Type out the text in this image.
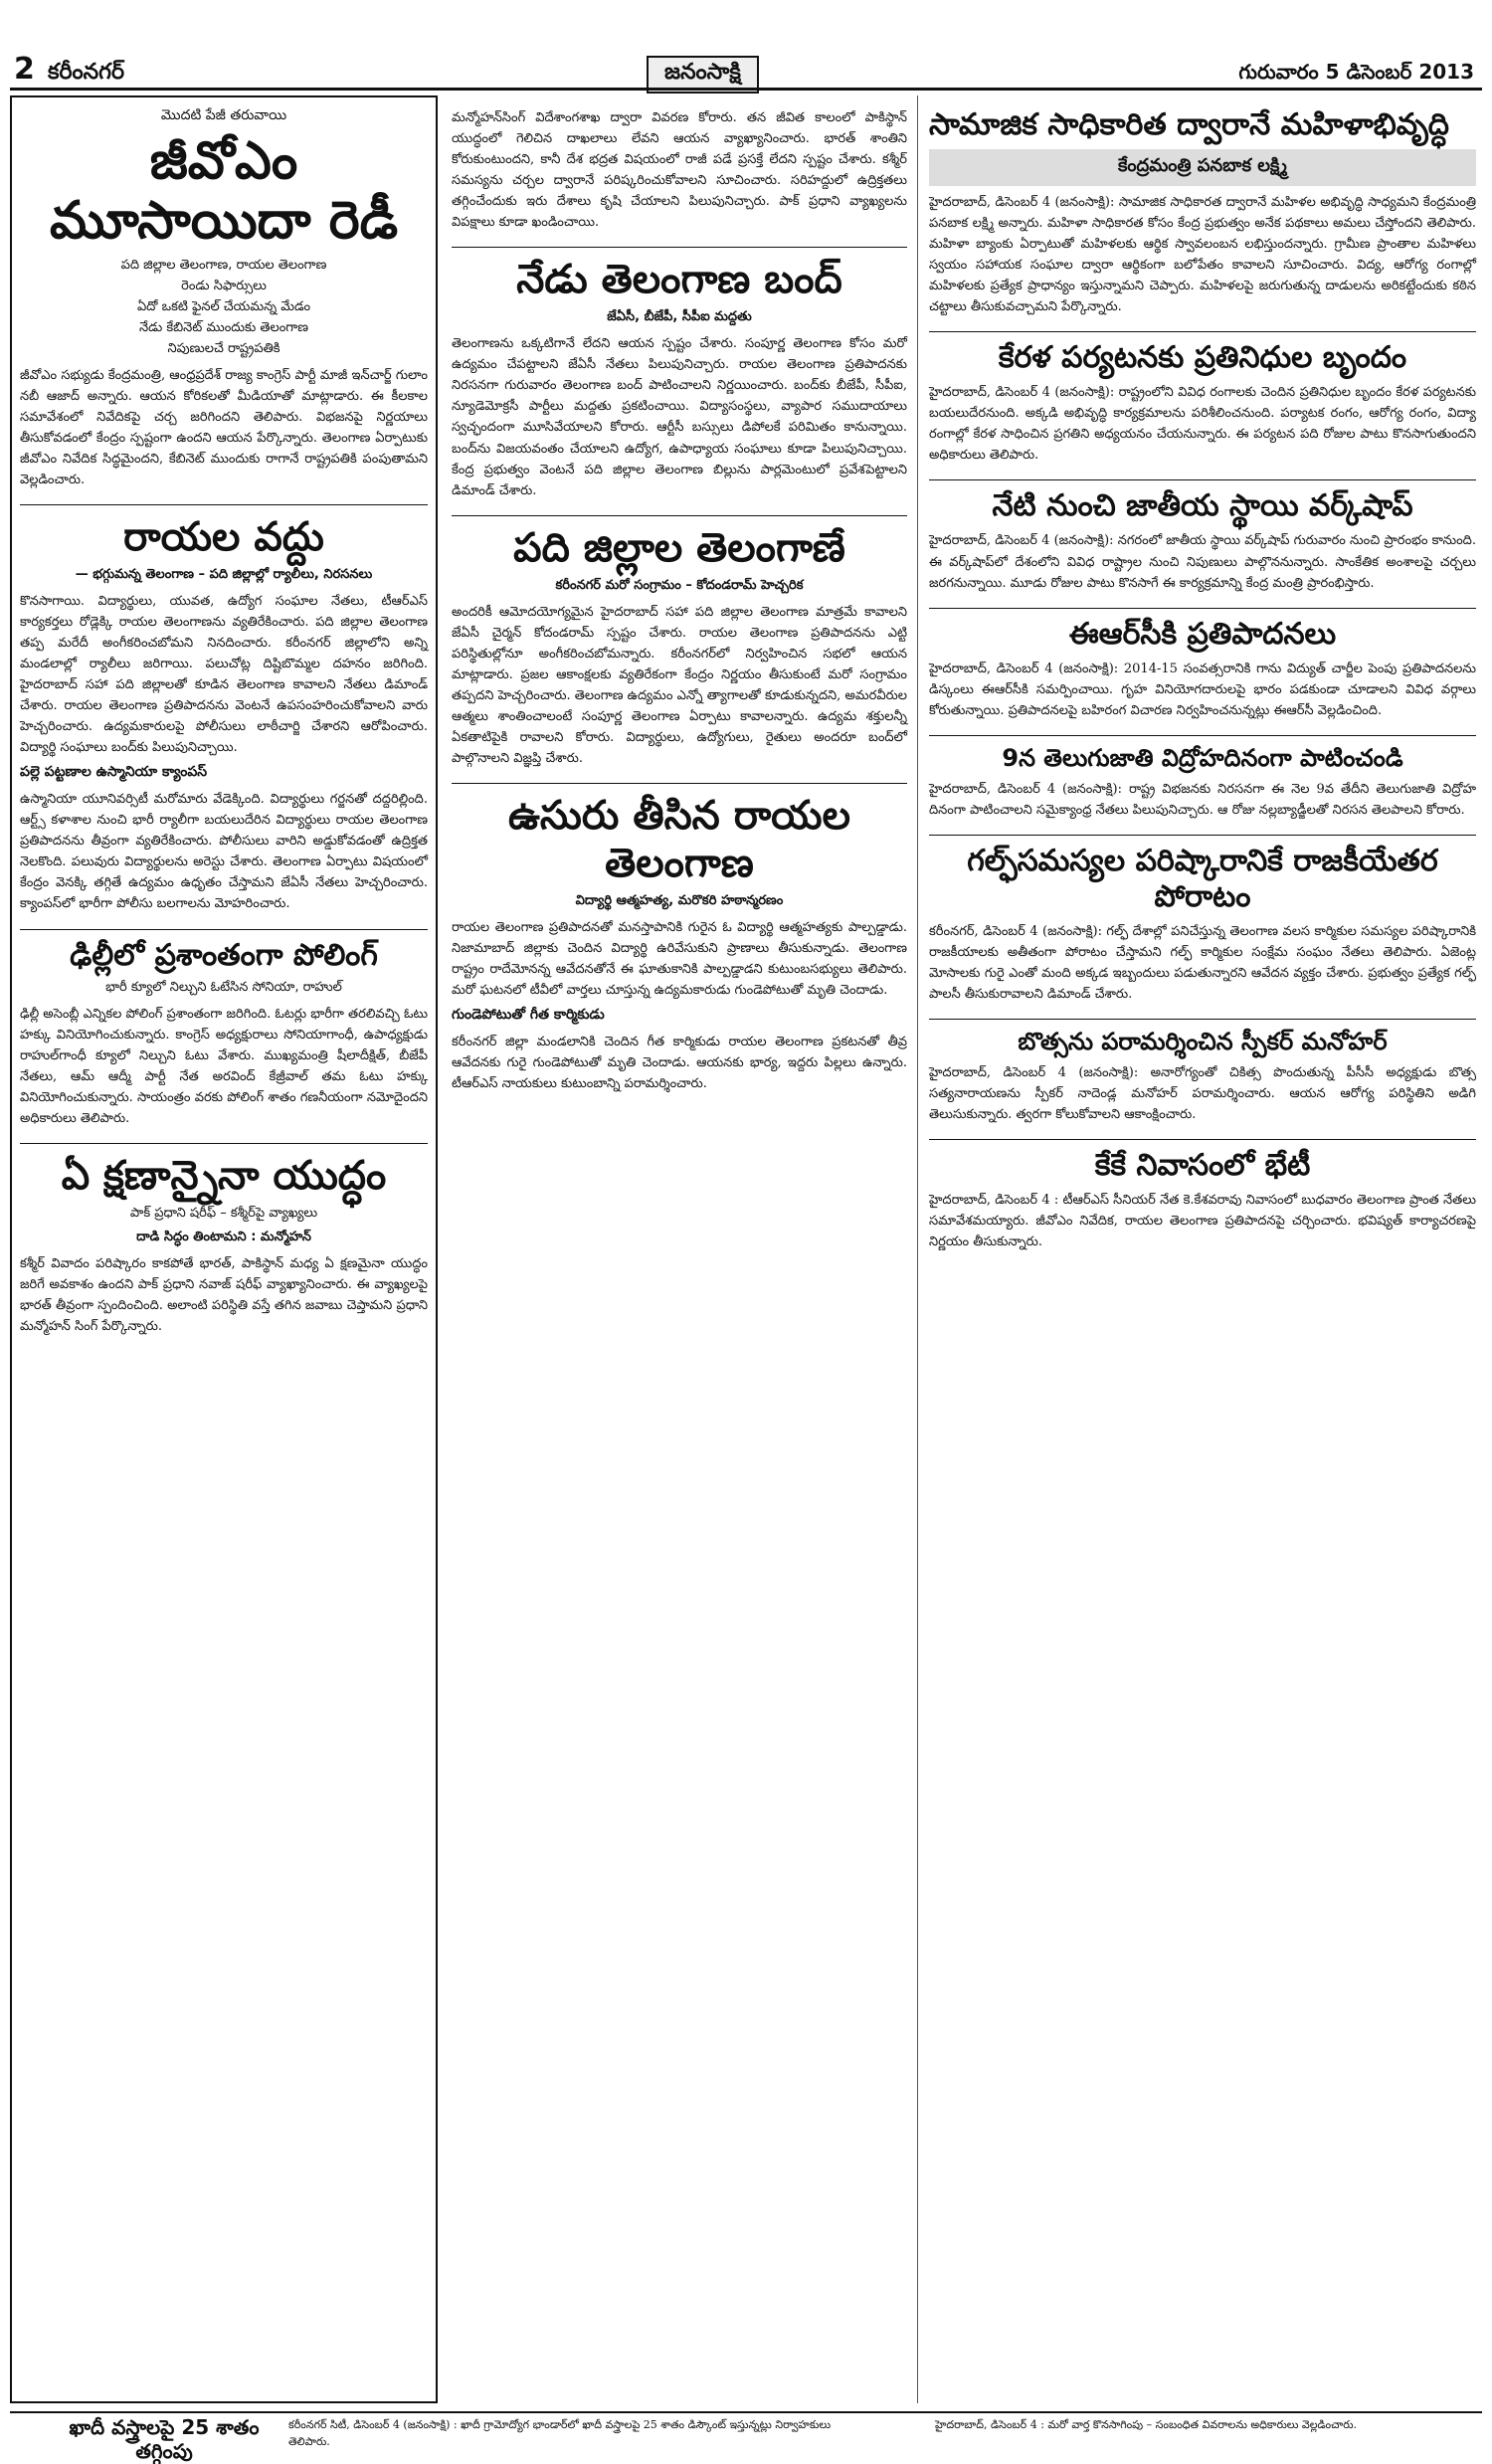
2 కరీంనగర్	జనంసాక్షి	గురువారం 5 డిసెంబర్ 2013
మొదటి పేజీ తరువాయి
జీవోఎం మూసాయిదా రెడీ
పది జిల్లాల తెలంగాణ, రాయల తెలంగాణ
రెండు సిఫార్సులు
ఏదో ఒకటి ఫైనల్ చేయమన్న మేడం
నేడు కేబినెట్ ముందుకు తెలంగాణ
నిపుణులచే రాష్ట్రపతికి

జీవోఎం సభ్యుడు కేంద్రమంత్రి, ఆంధ్రప్రదేశ్ రాజ్య కాంగ్రెస్ పార్టీ మాజీ ఇన్‌చార్జ్ గులాం నబీ ఆజాద్ అన్నారు. ఆయన కోరికలతో మీడియాతో మాట్లాడారు. ఈ కీలకాల సమావేశంలో నివేదికపై చర్చ జరిగిందని తెలిపారు. విభజనపై నిర్ణయాలు తీసుకోవడంలో కేంద్రం స్పష్టంగా ఉందని ఆయన పేర్కొన్నారు. తెలంగాణ ఏర్పాటుకు జీవోఎం నివేదిక సిద్ధమైందని, కేబినెట్ ముందుకు రాగానే రాష్ట్రపతికి పంపుతామని వెల్లడించారు.

రాయల వద్దు
— భగ్గుమన్న తెలంగాణ – పది జిల్లాల్లో ర్యాలీలు, నిరసనలు

కొనసాగాయి. విద్యార్థులు, యువత, ఉద్యోగ సంఘాల నేతలు, టీఆర్‌ఎస్ కార్యకర్తలు రోడ్లెక్కి రాయల తెలంగాణను వ్యతిరేకించారు. పది జిల్లాల తెలంగాణ తప్ప మరేదీ అంగీకరించబోమని నినదించారు. కరీంనగర్ జిల్లాలోని అన్ని మండలాల్లో ర్యాలీలు జరిగాయి. పలుచోట్ల దిష్టిబొమ్మల దహనం జరిగింది. హైదరాబాద్ సహా పది జిల్లాలతో కూడిన తెలంగాణ కావాలని నేతలు డిమాండ్ చేశారు. రాయల తెలంగాణ ప్రతిపాదనను వెంటనే ఉపసంహరించుకోవాలని వారు హెచ్చరించారు. ఉద్యమకారులపై పోలీసులు లాఠీచార్జి చేశారని ఆరోపించారు. విద్యార్థి సంఘాలు బంద్‌కు పిలుపునిచ్చాయి.

పల్లె పట్టణాల ఉస్మానియా క్యాంపస్

ఉస్మానియా యూనివర్సిటీ మరోమారు వేడెక్కింది. విద్యార్థులు గర్జనతో దద్దరిల్లింది. ఆర్ట్స్ కళాశాల నుంచి భారీ ర్యాలీగా బయలుదేరిన విద్యార్థులు రాయల తెలంగాణ ప్రతిపాదనను తీవ్రంగా వ్యతిరేకించారు. పోలీసులు వారిని అడ్డుకోవడంతో ఉద్రిక్తత నెలకొంది. పలువురు విద్యార్థులను అరెస్టు చేశారు. తెలంగాణ ఏర్పాటు విషయంలో కేంద్రం వెనక్కి తగ్గితే ఉద్యమం ఉధృతం చేస్తామని జేఏసీ నేతలు హెచ్చరించారు. క్యాంపస్‌లో భారీగా పోలీసు బలగాలను మోహరించారు.

ఢిల్లీలో ప్రశాంతంగా పోలింగ్
భారీ క్యూలో నిల్చుని ఓటేసిన సోనియా, రాహుల్

ఢిల్లీ అసెంబ్లీ ఎన్నికల పోలింగ్ ప్రశాంతంగా జరిగింది. ఓటర్లు భారీగా తరలివచ్చి ఓటు హక్కు వినియోగించుకున్నారు. కాంగ్రెస్ అధ్యక్షురాలు సోనియాగాంధీ, ఉపాధ్యక్షుడు రాహుల్‌గాంధీ క్యూలో నిల్చుని ఓటు వేశారు. ముఖ్యమంత్రి షీలాదీక్షిత్, బీజేపీ నేతలు, ఆమ్ ఆద్మీ పార్టీ నేత అరవింద్ కేజ్రీవాల్ తమ ఓటు హక్కు వినియోగించుకున్నారు. సాయంత్రం వరకు పోలింగ్ శాతం గణనీయంగా నమోదైందని అధికారులు తెలిపారు.

ఏ క్షణాన్నైనా యుద్ధం
పాక్ ప్రధాని షరీఫ్ – కశ్మీర్‌పై వ్యాఖ్యలు
దాడి సిద్ధం తింటామని : మన్మోహన్

కశ్మీర్ వివాదం పరిష్కారం కాకపోతే భారత్, పాకిస్థాన్ మధ్య ఏ క్షణమైనా యుద్ధం జరిగే అవకాశం ఉందని పాక్ ప్రధాని నవాజ్ షరీఫ్ వ్యాఖ్యానించారు. ఈ వ్యాఖ్యలపై భారత్ తీవ్రంగా స్పందించింది. అలాంటి పరిస్థితి వస్తే తగిన జవాబు చెప్తామని ప్రధాని మన్మోహన్ సింగ్ పేర్కొన్నారు.

మన్మోహన్‌సింగ్ విదేశాంగశాఖ ద్వారా వివరణ కోరారు. తన జీవిత కాలంలో పాకిస్థాన్ యుద్ధంలో గెలిచిన దాఖలాలు లేవని ఆయన వ్యాఖ్యానించారు. భారత్ శాంతిని కోరుకుంటుందని, కానీ దేశ భద్రత విషయంలో రాజీ పడే ప్రసక్తే లేదని స్పష్టం చేశారు. కశ్మీర్ సమస్యను చర్చల ద్వారానే పరిష్కరించుకోవాలని సూచించారు. సరిహద్దులో ఉద్రిక్తతలు తగ్గించేందుకు ఇరు దేశాలు కృషి చేయాలని పిలుపునిచ్చారు. పాక్ ప్రధాని వ్యాఖ్యలను విపక్షాలు కూడా ఖండించాయి.

నేడు తెలంగాణ బంద్
జేఏసీ, బీజేపీ, సీపీఐ మద్దతు

తెలంగాణను ఒక్కటిగానే లేదని ఆయన స్పష్టం చేశారు. సంపూర్ణ తెలంగాణ కోసం మరో ఉద్యమం చేపట్టాలని జేఏసీ నేతలు పిలుపునిచ్చారు. రాయల తెలంగాణ ప్రతిపాదనకు నిరసనగా గురువారం తెలంగాణ బంద్ పాటించాలని నిర్ణయించారు. బంద్‌కు బీజేపీ, సీపీఐ, న్యూడెమోక్రసీ పార్టీలు మద్దతు ప్రకటించాయి. విద్యాసంస్థలు, వ్యాపార సముదాయాలు స్వచ్ఛందంగా మూసివేయాలని కోరారు. ఆర్టీసీ బస్సులు డిపోలకే పరిమితం కానున్నాయి. బంద్‌ను విజయవంతం చేయాలని ఉద్యోగ, ఉపాధ్యాయ సంఘాలు కూడా పిలుపునిచ్చాయి. కేంద్ర ప్రభుత్వం వెంటనే పది జిల్లాల తెలంగాణ బిల్లును పార్లమెంటులో ప్రవేశపెట్టాలని డిమాండ్ చేశారు.

పది జిల్లాల తెలంగాణే
కరీంనగర్ మరో సంగ్రామం – కోదండరామ్ హెచ్చరిక

అందరికీ ఆమోదయోగ్యమైన హైదరాబాద్ సహా పది జిల్లాల తెలంగాణ మాత్రమే కావాలని జేఏసీ చైర్మన్ కోదండరామ్ స్పష్టం చేశారు. రాయల తెలంగాణ ప్రతిపాదనను ఎట్టి పరిస్థితుల్లోనూ అంగీకరించబోమన్నారు. కరీంనగర్‌లో నిర్వహించిన సభలో ఆయన మాట్లాడారు. ప్రజల ఆకాంక్షలకు వ్యతిరేకంగా కేంద్రం నిర్ణయం తీసుకుంటే మరో సంగ్రామం తప్పదని హెచ్చరించారు. తెలంగాణ ఉద్యమం ఎన్నో త్యాగాలతో కూడుకున్నదని, అమరవీరుల ఆత్మలు శాంతించాలంటే సంపూర్ణ తెలంగాణ ఏర్పాటు కావాలన్నారు. ఉద్యమ శక్తులన్నీ ఏకతాటిపైకి రావాలని కోరారు. విద్యార్థులు, ఉద్యోగులు, రైతులు అందరూ బంద్‌లో పాల్గొనాలని విజ్ఞప్తి చేశారు.

ఉసురు తీసిన రాయల తెలంగాణ
విద్యార్థి ఆత్మహత్య, మరొకరి హఠాన్మరణం

రాయల తెలంగాణ ప్రతిపాదనతో మనస్తాపానికి గురైన ఓ విద్యార్థి ఆత్మహత్యకు పాల్పడ్డాడు. నిజామాబాద్ జిల్లాకు చెందిన విద్యార్థి ఉరివేసుకుని ప్రాణాలు తీసుకున్నాడు. తెలంగాణ రాష్ట్రం రాదేమోనన్న ఆవేదనతోనే ఈ ఘాతుకానికి పాల్పడ్డాడని కుటుంబసభ్యులు తెలిపారు. మరో ఘటనలో టీవీలో వార్తలు చూస్తున్న ఉద్యమకారుడు గుండెపోటుతో మృతి చెందాడు.

గుండెపోటుతో గీత కార్మికుడు

కరీంనగర్ జిల్లా మండలానికి చెందిన గీత కార్మికుడు రాయల తెలంగాణ ప్రకటనతో తీవ్ర ఆవేదనకు గురై గుండెపోటుతో మృతి చెందాడు. ఆయనకు భార్య, ఇద్దరు పిల్లలు ఉన్నారు. టీఆర్‌ఎస్ నాయకులు కుటుంబాన్ని పరామర్శించారు.

సామాజిక సాధికారిత ద్వారానే మహిళాభివృద్ధి
కేంద్రమంత్రి పనబాక లక్ష్మి

హైదరాబాద్, డిసెంబర్ 4 (జనంసాక్షి): సామాజిక సాధికారత ద్వారానే మహిళల అభివృద్ధి సాధ్యమని కేంద్రమంత్రి పనబాక లక్ష్మి అన్నారు. మహిళా సాధికారత కోసం కేంద్ర ప్రభుత్వం అనేక పథకాలు అమలు చేస్తోందని తెలిపారు. మహిళా బ్యాంకు ఏర్పాటుతో మహిళలకు ఆర్థిక స్వావలంబన లభిస్తుందన్నారు. గ్రామీణ ప్రాంతాల మహిళలు స్వయం సహాయక సంఘాల ద్వారా ఆర్థికంగా బలోపేతం కావాలని సూచించారు. విద్య, ఆరోగ్య రంగాల్లో మహిళలకు ప్రత్యేక ప్రాధాన్యం ఇస్తున్నామని చెప్పారు. మహిళలపై జరుగుతున్న దాడులను అరికట్టేందుకు కఠిన చట్టాలు తీసుకువచ్చామని పేర్కొన్నారు.

కేరళ పర్యటనకు ప్రతినిధుల బృందం

హైదరాబాద్, డిసెంబర్ 4 (జనంసాక్షి): రాష్ట్రంలోని వివిధ రంగాలకు చెందిన ప్రతినిధుల బృందం కేరళ పర్యటనకు బయలుదేరనుంది. అక్కడి అభివృద్ధి కార్యక్రమాలను పరిశీలించనుంది. పర్యాటక రంగం, ఆరోగ్య రంగం, విద్యా రంగాల్లో కేరళ సాధించిన ప్రగతిని అధ్యయనం చేయనున్నారు. ఈ పర్యటన పది రోజుల పాటు కొనసాగుతుందని అధికారులు తెలిపారు.

నేటి నుంచి జాతీయ స్థాయి వర్క్‌షాప్

హైదరాబాద్, డిసెంబర్ 4 (జనంసాక్షి): నగరంలో జాతీయ స్థాయి వర్క్‌షాప్ గురువారం నుంచి ప్రారంభం కానుంది. ఈ వర్క్‌షాప్‌లో దేశంలోని వివిధ రాష్ట్రాల నుంచి నిపుణులు పాల్గొననున్నారు. సాంకేతిక అంశాలపై చర్చలు జరగనున్నాయి. మూడు రోజుల పాటు కొనసాగే ఈ కార్యక్రమాన్ని కేంద్ర మంత్రి ప్రారంభిస్తారు.

ఈఆర్‌సీకి ప్రతిపాదనలు

హైదరాబాద్, డిసెంబర్ 4 (జనంసాక్షి): 2014-15 సంవత్సరానికి గాను విద్యుత్ చార్జీల పెంపు ప్రతిపాదనలను డిస్కంలు ఈఆర్‌సీకి సమర్పించాయి. గృహ వినియోగదారులపై భారం పడకుండా చూడాలని వివిధ వర్గాలు కోరుతున్నాయి. ప్రతిపాదనలపై బహిరంగ విచారణ నిర్వహించనున్నట్లు ఈఆర్‌సీ వెల్లడించింది.

9న తెలుగుజాతి విద్రోహదినంగా పాటించండి

హైదరాబాద్, డిసెంబర్ 4 (జనంసాక్షి): రాష్ట్ర విభజనకు నిరసనగా ఈ నెల 9వ తేదీని తెలుగుజాతి విద్రోహ దినంగా పాటించాలని సమైక్యాంధ్ర నేతలు పిలుపునిచ్చారు. ఆ రోజు నల్లబ్యాడ్జీలతో నిరసన తెలపాలని కోరారు.

గల్ఫ్‌సమస్యల పరిష్కారానికే రాజకీయేతర పోరాటం

కరీంనగర్, డిసెంబర్ 4 (జనంసాక్షి): గల్ఫ్ దేశాల్లో పనిచేస్తున్న తెలంగాణ వలస కార్మికుల సమస్యల పరిష్కారానికి రాజకీయాలకు అతీతంగా పోరాటం చేస్తామని గల్ఫ్ కార్మికుల సంక్షేమ సంఘం నేతలు తెలిపారు. ఏజెంట్ల మోసాలకు గురై ఎంతో మంది అక్కడ ఇబ్బందులు పడుతున్నారని ఆవేదన వ్యక్తం చేశారు. ప్రభుత్వం ప్రత్యేక గల్ఫ్ పాలసీ తీసుకురావాలని డిమాండ్ చేశారు.

బొత్సను పరామర్శించిన స్పీకర్ మనోహర్

హైదరాబాద్, డిసెంబర్ 4 (జనంసాక్షి): అనారోగ్యంతో చికిత్స పొందుతున్న పీసీసీ అధ్యక్షుడు బొత్స సత్యనారాయణను స్పీకర్ నాదెండ్ల మనోహర్ పరామర్శించారు. ఆయన ఆరోగ్య పరిస్థితిని అడిగి తెలుసుకున్నారు. త్వరగా కోలుకోవాలని ఆకాంక్షించారు.

కేకే నివాసంలో భేటీ

హైదరాబాద్, డిసెంబర్ 4 : టీఆర్‌ఎస్ సీనియర్ నేత కె.కేశవరావు నివాసంలో బుధవారం తెలంగాణ ప్రాంత నేతలు సమావేశమయ్యారు. జీవోఎం నివేదిక, రాయల తెలంగాణ ప్రతిపాదనపై చర్చించారు. భవిష్యత్ కార్యాచరణపై నిర్ణయం తీసుకున్నారు.

ఖాదీ వస్త్రాలపై 25 శాతం తగ్గింపు
కరీంనగర్ సిటీ, డిసెంబర్ 4 (జనంసాక్షి) : ఖాదీ గ్రామోద్యోగ భాండార్‌లో ఖాదీ వస్త్రాలపై 25 శాతం డిస్కౌంట్ ఇస్తున్నట్లు నిర్వాహకులు తెలిపారు.
హైదరాబాద్, డిసెంబర్ 4 : మరో వార్త కొనసాగింపు – సంబంధిత వివరాలను అధికారులు వెల్లడించారు.
